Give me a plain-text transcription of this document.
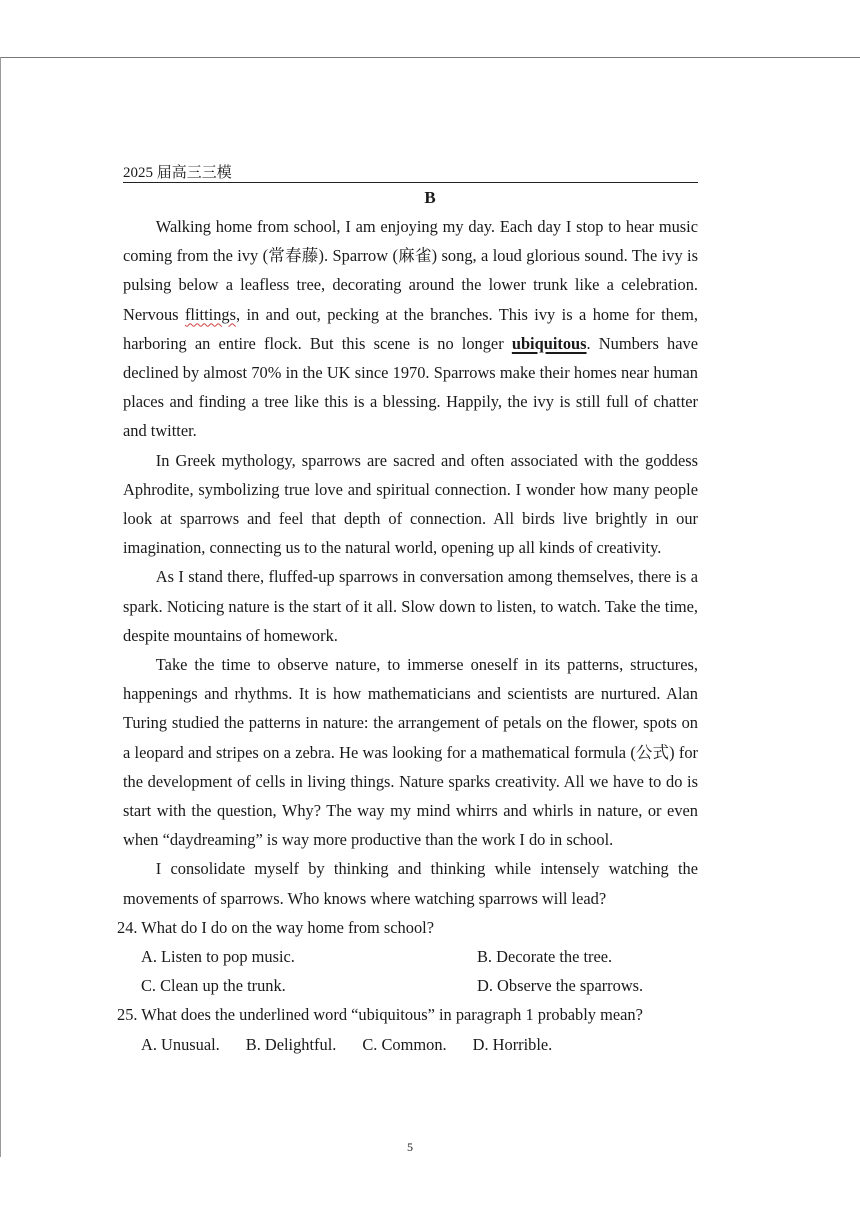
2025 届高三三模
B

Walking home from school, I am enjoying my day. Each day I stop to hear music coming from the ivy (常春藤). Sparrow (麻雀) song, a loud glorious sound. The ivy is pulsing below a leafless tree, decorating around the lower trunk like a celebration. Nervous flittings, in and out, pecking at the branches. This ivy is a home for them, harboring an entire flock. But this scene is no longer ubiquitous. Numbers have declined by almost 70% in the UK since 1970. Sparrows make their homes near human places and finding a tree like this is a blessing. Happily, the ivy is still full of chatter and twitter.

In Greek mythology, sparrows are sacred and often associated with the goddess Aphrodite, symbolizing true love and spiritual connection. I wonder how many people look at sparrows and feel that depth of connection. All birds live brightly in our imagination, connecting us to the natural world, opening up all kinds of creativity.

As I stand there, fluffed-up sparrows in conversation among themselves, there is a spark. Noticing nature is the start of it all. Slow down to listen, to watch. Take the time, despite mountains of homework.

Take the time to observe nature, to immerse oneself in its patterns, structures, happenings and rhythms. It is how mathematicians and scientists are nurtured. Alan Turing studied the patterns in nature: the arrangement of petals on the flower, spots on a leopard and stripes on a zebra. He was looking for a mathematical formula (公式) for the development of cells in living things. Nature sparks creativity. All we have to do is start with the question, Why? The way my mind whirrs and whirls in nature, or even when “daydreaming” is way more productive than the work I do in school.

I consolidate myself by thinking and thinking while intensely watching the movements of sparrows. Who knows where watching sparrows will lead?

24. What do I do on the way home from school?
A. Listen to pop music.	B. Decorate the tree.
C. Clean up the trunk.	D. Observe the sparrows.
25. What does the underlined word “ubiquitous” in paragraph 1 probably mean?
A. Unusual. B. Delightful. C. Common. D. Horrible.
5
